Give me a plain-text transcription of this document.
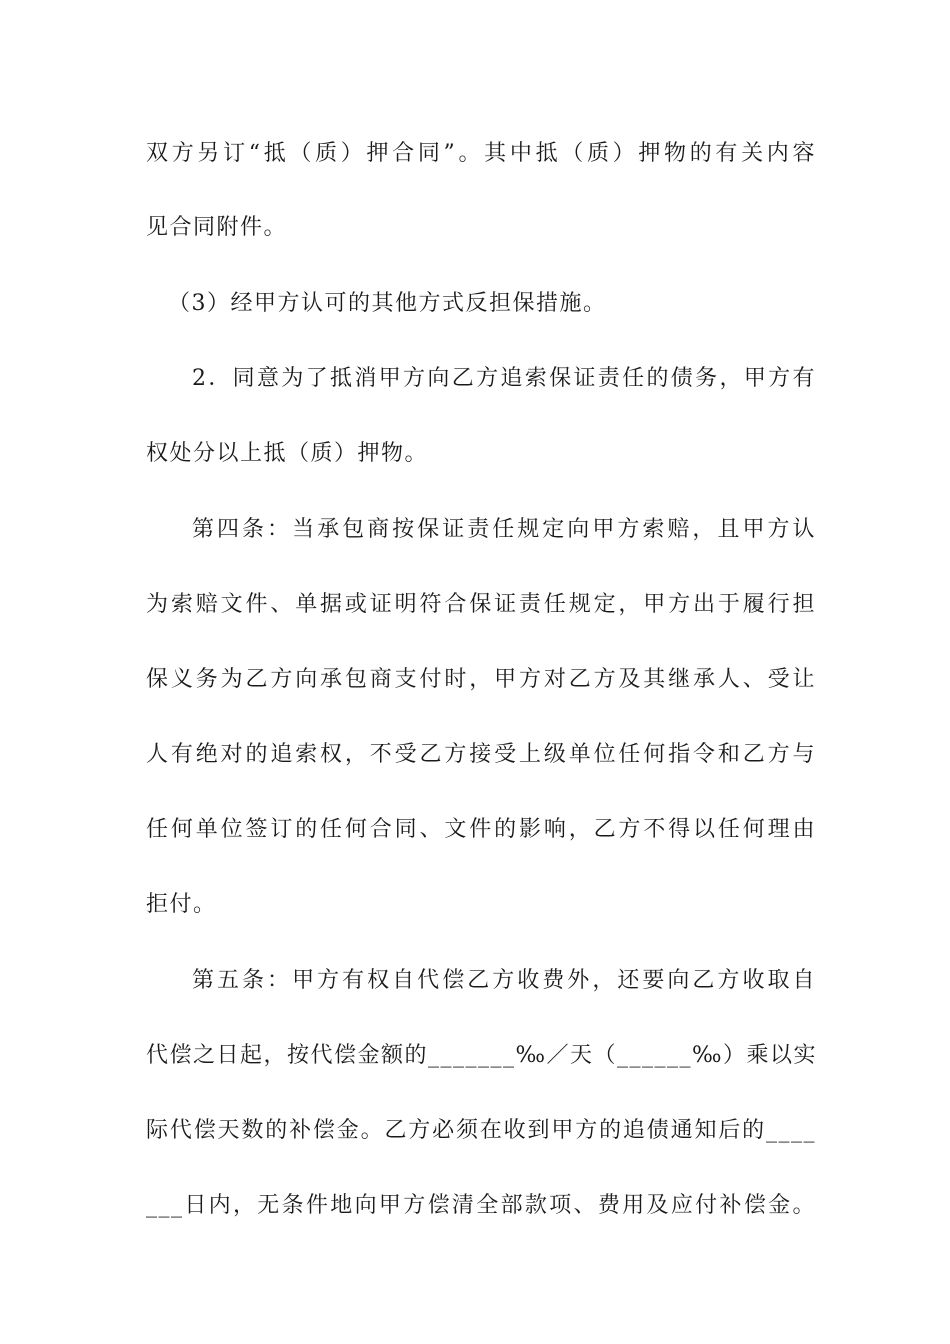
双方另订“抵（质）押合同”。其中抵（质）押物的有关内容
见合同附件。
（3）经甲方认可的其他方式反担保措施。
2．同意为了抵消甲方向乙方追索保证责任的债务，甲方有
权处分以上抵（质）押物。
第四条：当承包商按保证责任规定向甲方索赔，且甲方认
为索赔文件、单据或证明符合保证责任规定，甲方出于履行担
保义务为乙方向承包商支付时，甲方对乙方及其继承人、受让
人有绝对的追索权，不受乙方接受上级单位任何指令和乙方与
任何单位签订的任何合同、文件的影响，乙方不得以任何理由
拒付。
第五条：甲方有权自代偿乙方收费外，还要向乙方收取自
代偿之日起，按代偿金额的_______‰／天（______‰）乘以实
际代偿天数的补偿金。乙方必须在收到甲方的追债通知后的____
___日内，无条件地向甲方偿清全部款项、费用及应付补偿金。
